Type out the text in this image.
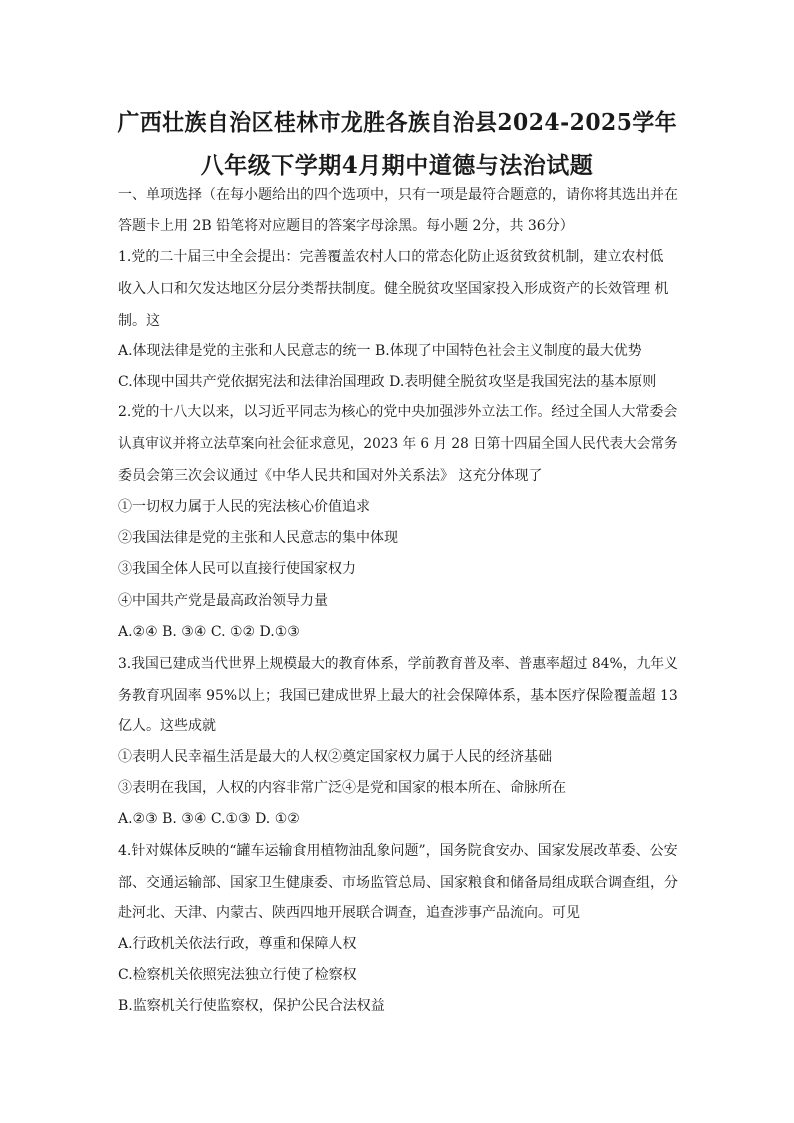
广西壮族自治区桂林市龙胜各族自治县2024-2025学年
八年级下学期4月期中道德与法治试题
一、单项选择（在每小题给出的四个选项中，只有一项是最符合题意的，请你将其选出并在
答题卡上用 2B 铅笔将对应题目的答案字母涂黑。每小题 2分，共 36分）
1.党的二十届三中全会提出：完善覆盖农村人口的常态化防止返贫致贫机制，建立农村低
收入人口和欠发达地区分层分类帮扶制度。健全脱贫攻坚国家投入形成资产的长效管理 机
制。这
A.体现法律是党的主张和人民意志的统一 B.体现了中国特色社会主义制度的最大优势
C.体现中国共产党依据宪法和法律治国理政 D.表明健全脱贫攻坚是我国宪法的基本原则
2.党的十八大以来，以习近平同志为核心的党中央加强涉外立法工作。经过全国人大常委会
认真审议并将立法草案向社会征求意见，2023 年 6 月 28 日第十四届全国人民代表大会常务
委员会第三次会议通过《中华人民共和国对外关系法》 这充分体现了
①一切权力属于人民的宪法核心价值追求
②我国法律是党的主张和人民意志的集中体现
③我国全体人民可以直接行使国家权力
④中国共产党是最高政治领导力量
A.②④ B. ③④ C. ①② D.①③
3.我国已建成当代世界上规模最大的教育体系，学前教育普及率、普惠率超过 84%，九年义
务教育巩固率 95%以上；我国已建成世界上最大的社会保障体系，基本医疗保险覆盖超 13
亿人。这些成就
①表明人民幸福生活是最大的人权②奠定国家权力属于人民的经济基础
③表明在我国，人权的内容非常广泛④是党和国家的根本所在、命脉所在
A.②③ B. ③④ C.①③ D. ①②
4.针对媒体反映的“罐车运输食用植物油乱象问题”，国务院食安办、国家发展改革委、公安
部、交通运输部、国家卫生健康委、市场监管总局、国家粮食和储备局组成联合调查组，分
赴河北、天津、内蒙古、陕西四地开展联合调查，追查涉事产品流向。可见
A.行政机关依法行政，尊重和保障人权
C.检察机关依照宪法独立行使了检察权
B.监察机关行使监察权，保护公民合法权益
